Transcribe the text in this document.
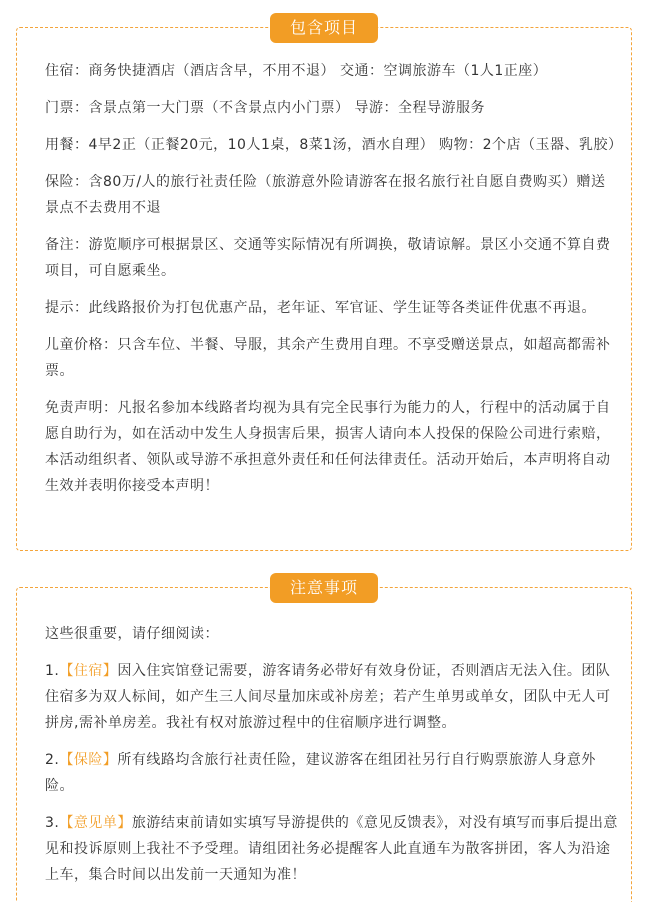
包含项目

住宿：商务快捷酒店（酒店含早，不用不退） 交通：空调旅游车（1人1正座）

门票：含景点第一大门票（不含景点内小门票） 导游：全程导游服务

用餐：4早2正（正餐20元，10人1桌，8菜1汤，酒水自理） 购物：2个店（玉器、乳胶）

保险：含80万/人的旅行社责任险（旅游意外险请游客在报名旅行社自愿自费购买）赠送景点不去费用不退

备注：游览顺序可根据景区、交通等实际情况有所调换，敬请谅解。景区小交通不算自费项目，可自愿乘坐。

提示：此线路报价为打包优惠产品，老年证、军官证、学生证等各类证件优惠不再退。

儿童价格：只含车位、半餐、导服，其余产生费用自理。不享受赠送景点，如超高都需补票。

免责声明：凡报名参加本线路者均视为具有完全民事行为能力的人，行程中的活动属于自愿自助行为，如在活动中发生人身损害后果，损害人请向本人投保的保险公司进行索赔，本活动组织者、领队或导游不承担意外责任和任何法律责任。活动开始后，本声明将自动生效并表明你接受本声明！

注意事项

这些很重要，请仔细阅读：

1.【住宿】因入住宾馆登记需要，游客请务必带好有效身份证，否则酒店无法入住。团队住宿多为双人标间，如产生三人间尽量加床或补房差；若产生单男或单女，团队中无人可拼房,需补单房差。我社有权对旅游过程中的住宿顺序进行调整。

2.【保险】所有线路均含旅行社责任险，建议游客在组团社另行自行购票旅游人身意外险。

3.【意见单】旅游结束前请如实填写导游提供的《意见反馈表》，对没有填写而事后提出意见和投诉原则上我社不予受理。请组团社务必提醒客人此直通车为散客拼团，客人为沿途上车，集合时间以出发前一天通知为准！
